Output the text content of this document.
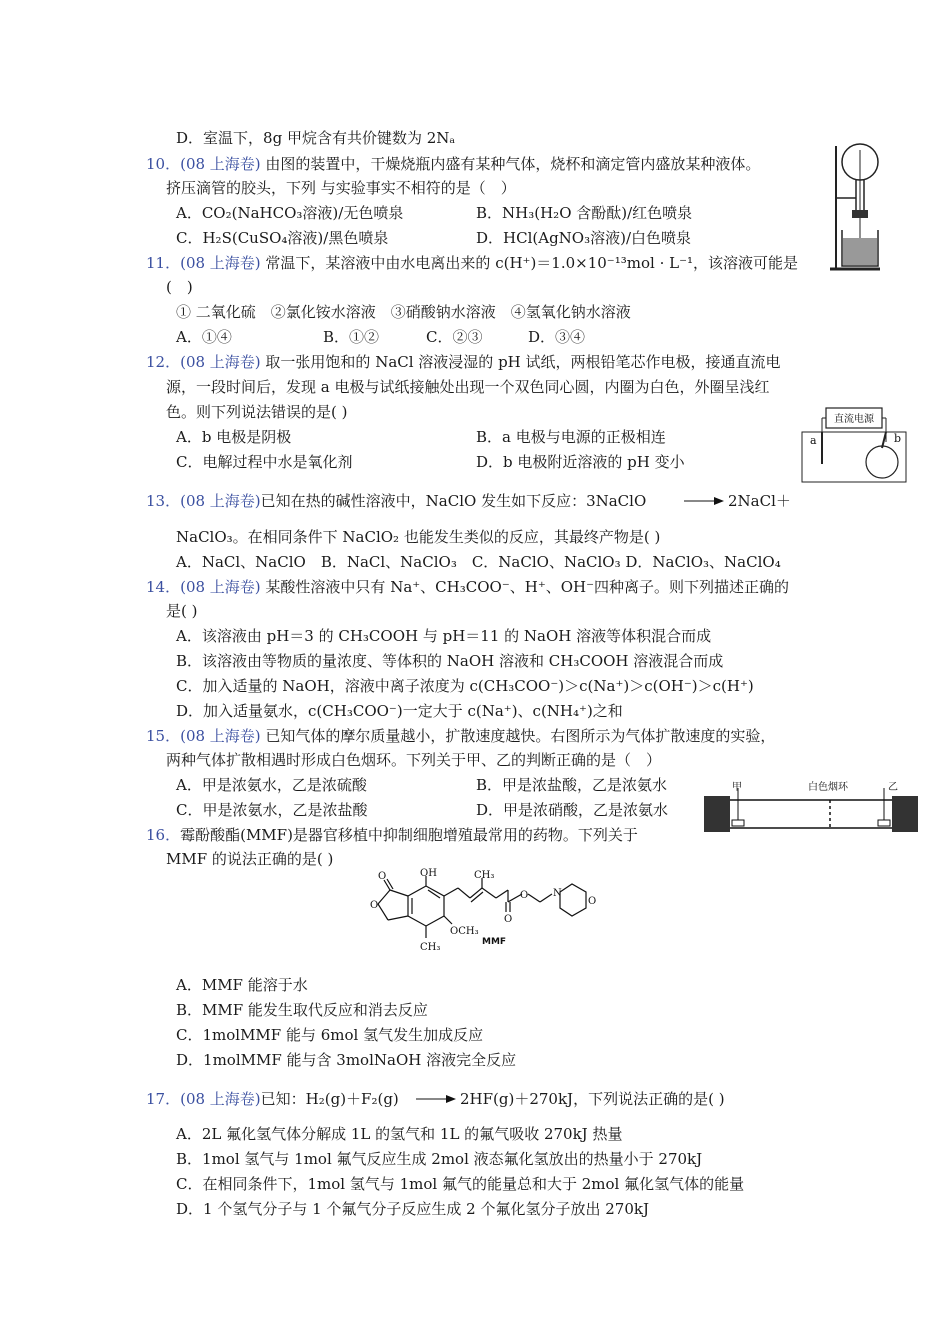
D．室温下，8g 甲烷含有共价键数为 2Nₐ
10．(08 上海卷) 由图的装置中，干燥烧瓶内盛有某种气体，烧杯和滴定管内盛放某种液体。
挤压滴管的胶头，下列 与实验事实不相符的是（　）
A．CO₂(NaHCO₃溶液)/无色喷泉	B．NH₃(H₂O 含酚酞)/红色喷泉
C．H₂S(CuSO₄溶液)/黑色喷泉	D．HCl(AgNO₃溶液)/白色喷泉
11．(08 上海卷) 常温下，某溶液中由水电离出来的 c(H⁺)＝1.0×10⁻¹³mol · L⁻¹，该溶液可能是
(　)
① 二氧化硫　②氯化铵水溶液　③硝酸钠水溶液　④氢氧化钠水溶液
A．①④	B．①②	C．②③	D．③④
12．(08 上海卷) 取一张用饱和的 NaCl 溶液浸湿的 pH 试纸，两根铅笔芯作电极，接通直流电
源，一段时间后，发现 a 电极与试纸接触处出现一个双色同心圆，内圈为白色，外圈呈浅红
色。则下列说法错误的是( )
A．b 电极是阴极	B．a 电极与电源的正极相连
C．电解过程中水是氧化剂	D．b 电极附近溶液的 pH 变小
直流电源
a	b
13．(08 上海卷)已知在热的碱性溶液中，NaClO 发生如下反应：3NaClO → 2NaCl＋
NaClO₃。在相同条件下 NaClO₂ 也能发生类似的反应，其最终产物是( )
A．NaCl、NaClO　B．NaCl、NaClO₃　C．NaClO、NaClO₃ D．NaClO₃、NaClO₄
14．(08 上海卷) 某酸性溶液中只有 Na⁺、CH₃COO⁻、H⁺、OH⁻四种离子。则下列描述正确的
是( )
A．该溶液由 pH＝3 的 CH₃COOH 与 pH＝11 的 NaOH 溶液等体积混合而成
B．该溶液由等物质的量浓度、等体积的 NaOH 溶液和 CH₃COOH 溶液混合而成
C．加入适量的 NaOH，溶液中离子浓度为 c(CH₃COO⁻)＞c(Na⁺)＞c(OH⁻)＞c(H⁺)
D．加入适量氨水，c(CH₃COO⁻)一定大于 c(Na⁺)、c(NH₄⁺)之和
15．(08 上海卷) 已知气体的摩尔质量越小，扩散速度越快。右图所示为气体扩散速度的实验，
两种气体扩散相遇时形成白色烟环。下列关于甲、乙的判断正确的是（　）
A．甲是浓氨水，乙是浓硫酸	B．甲是浓盐酸，乙是浓氨水
C．甲是浓氨水，乙是浓盐酸	D．甲是浓硝酸，乙是浓氨水
甲	白色烟环	乙
16．霉酚酸酯(MMF)是器官移植中抑制细胞增殖最常用的药物。下列关于
MMF 的说法正确的是( )
O
O
OH
CH₃
OCH₃
CH₃
O
O
N
O
MMF
A．MMF 能溶于水
B．MMF 能发生取代反应和消去反应
C．1molMMF 能与 6mol 氢气发生加成反应
D．1molMMF 能与含 3molNaOH 溶液完全反应
17．(08 上海卷)已知：H₂(g)＋F₂(g) → 2HF(g)＋270kJ，下列说法正确的是( )
A．2L 氟化氢气体分解成 1L 的氢气和 1L 的氟气吸收 270kJ 热量
B．1mol 氢气与 1mol 氟气反应生成 2mol 液态氟化氢放出的热量小于 270kJ
C．在相同条件下，1mol 氢气与 1mol 氟气的能量总和大于 2mol 氟化氢气体的能量
D．1 个氢气分子与 1 个氟气分子反应生成 2 个氟化氢分子放出 270kJ
